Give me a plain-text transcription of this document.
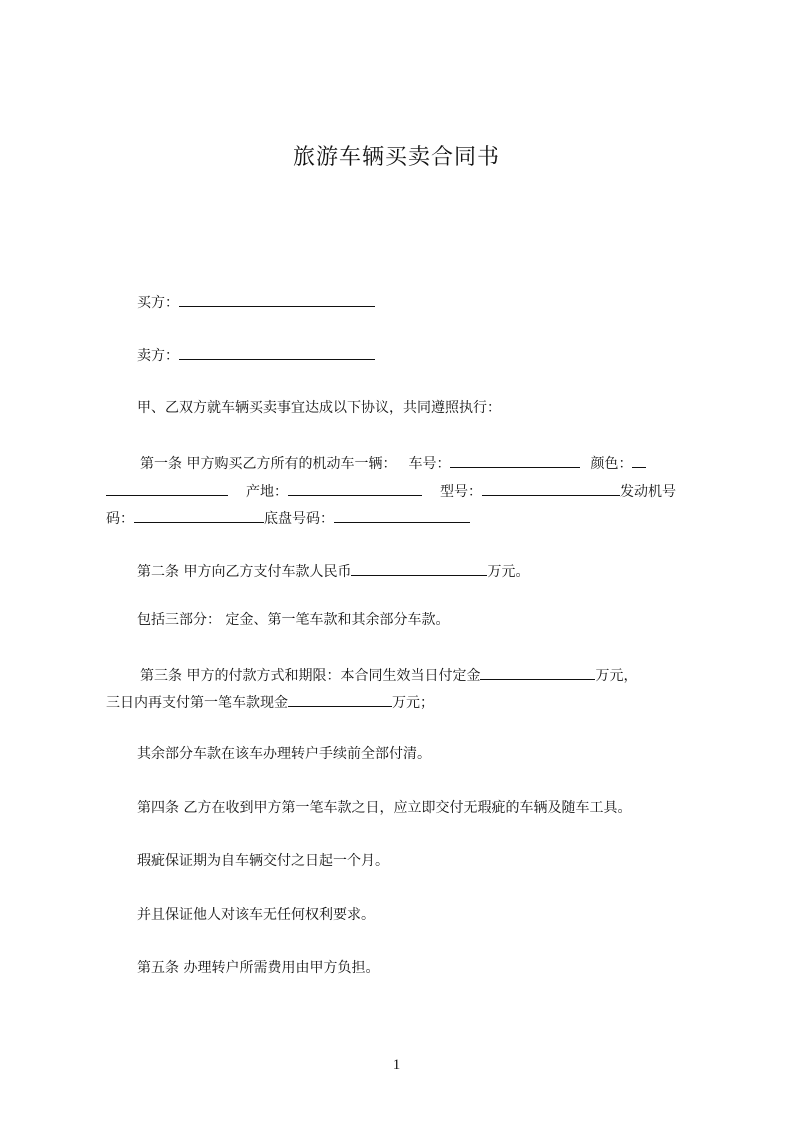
旅游车辆买卖合同书
买方：
卖方：
甲、乙双方就车辆买卖事宜达成以下协议，共同遵照执行：
第一条 甲方购买乙方所有的机动车一辆： 车号：	颜色：
产地：	型号：	发动机号
码：	底盘号码：
第二条 甲方向乙方支付车款人民币	万元。
包括三部分： 定金、第一笔车款和其余部分车款。
第三条 甲方的付款方式和期限：本合同生效当日付定金	万元，
三日内再支付第一笔车款现金	万元；
其余部分车款在该车办理转户手续前全部付清。
第四条 乙方在收到甲方第一笔车款之日，应立即交付无瑕疵的车辆及随车工具。
瑕疵保证期为自车辆交付之日起一个月。
并且保证他人对该车无任何权利要求。
第五条 办理转户所需费用由甲方负担。
1
